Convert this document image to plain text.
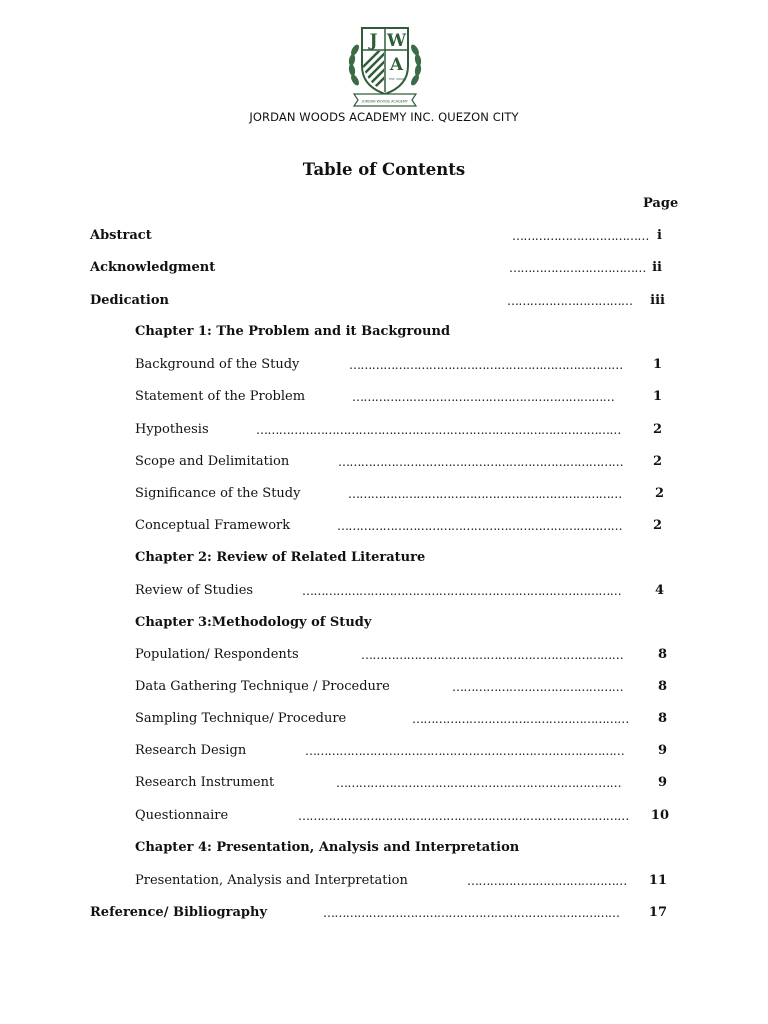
J W
A
EST. 2009
JORDAN WOODS ACADEMY
JORDAN WOODS ACADEMY INC. QUEZON CITY
Table of Contents
Page
Abstract	……………………………… i
Acknowledgment	……………………………… ii
Dedication	…………………………… iii
Chapter 1: The Problem and it Background
Background of the Study	……………………………………………………………… 1
Statement of the Problem	……………………………………………………………	1
Hypothesis	…………………………………………………………………………………… 2
Scope and Delimitation	………………………………………………………………… 2
Significance of the Study	………………………………………………………………	2
Conceptual Framework	………………………………………………………………… 2
Chapter 2: Review of Related Literature
Review of Studies	…………………………………………………………………………	4
Chapter 3:Methodology of Study
Population/ Respondents	……………………………………………………………	8
Data Gathering Technique / Procedure	………………………………………	8
Sampling Technique/ Procedure	………………………………………………… 8
Research Design	…………………………………………………………………………	9
Research Instrument	…………………………………………………………………	9
Questionnaire	…………………………………………………………………………… 10
Chapter 4: Presentation, Analysis and Interpretation
Presentation, Analysis and Interpretation	…………………………………… 11
Reference/ Bibliography	…………………………………………………………………… 17
